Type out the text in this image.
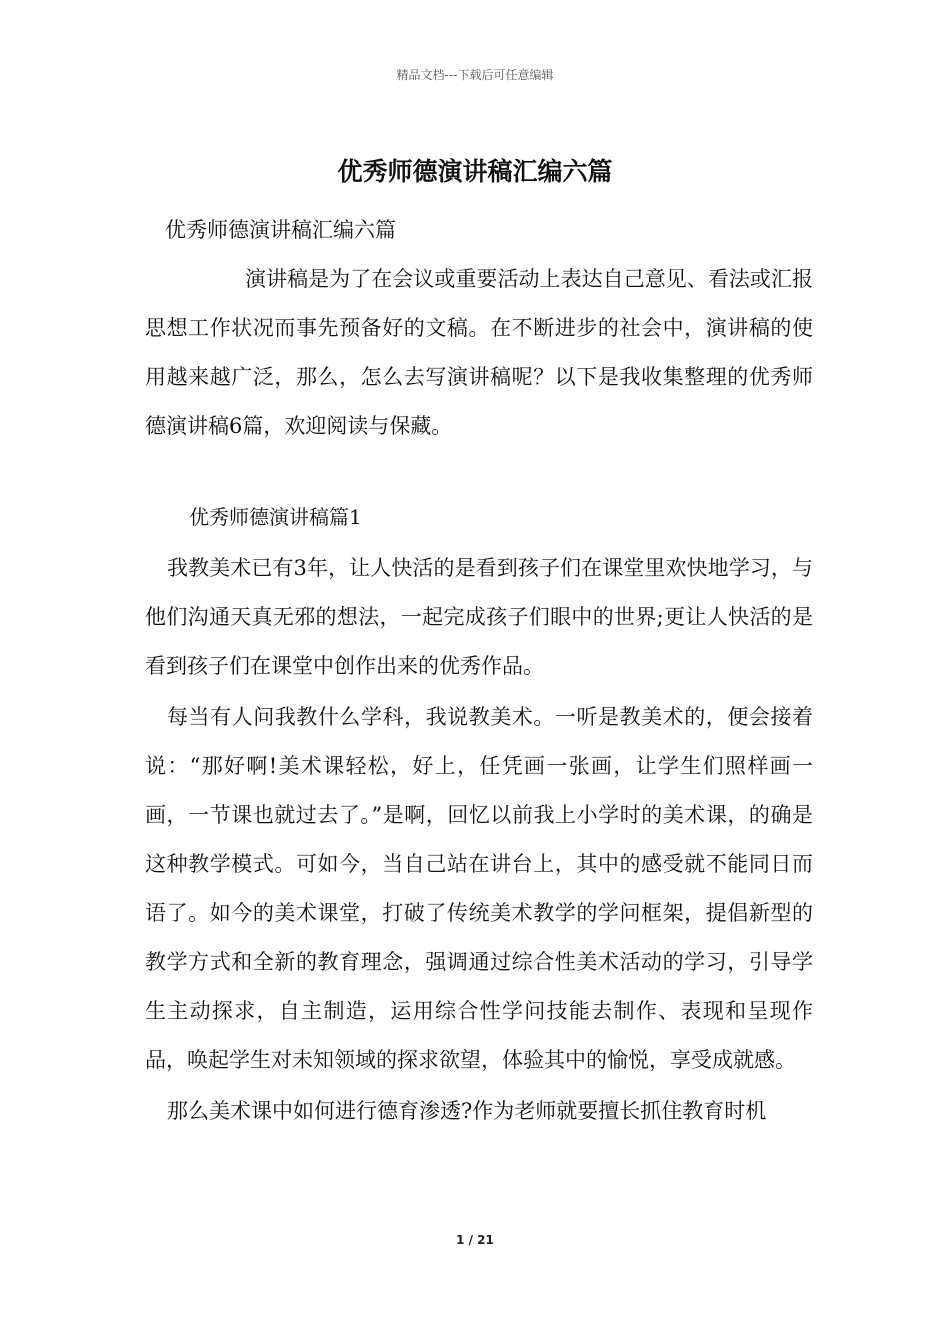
精品文档---下载后可任意编辑
优秀师德演讲稿汇编六篇

优秀师德演讲稿汇编六篇

演讲稿是为了在会议或重要活动上表达自己意见、看法或汇报思想工作状况而事先预备好的文稿。在不断进步的社会中，演讲稿的使用越来越广泛，那么，怎么去写演讲稿呢？以下是我收集整理的优秀师德演讲稿6篇，欢迎阅读与保藏。

优秀师德演讲稿篇1

我教美术已有3年，让人快活的是看到孩子们在课堂里欢快地学习，与他们沟通天真无邪的想法，一起完成孩子们眼中的世界;更让人快活的是看到孩子们在课堂中创作出来的优秀作品。

每当有人问我教什么学科，我说教美术。一听是教美术的，便会接着说：“那好啊!美术课轻松，好上，任凭画一张画，让学生们照样画一画，一节课也就过去了。”是啊，回忆以前我上小学时的美术课，的确是这种教学模式。可如今，当自己站在讲台上，其中的感受就不能同日而语了。如今的美术课堂，打破了传统美术教学的学问框架，提倡新型的教学方式和全新的教育理念，强调通过综合性美术活动的学习，引导学生主动探求，自主制造，运用综合性学问技能去制作、表现和呈现作品，唤起学生对未知领域的探求欲望，体验其中的愉悦，享受成就感。

那么美术课中如何进行德育渗透?作为老师就要擅长抓住教育时机

1 / 21
